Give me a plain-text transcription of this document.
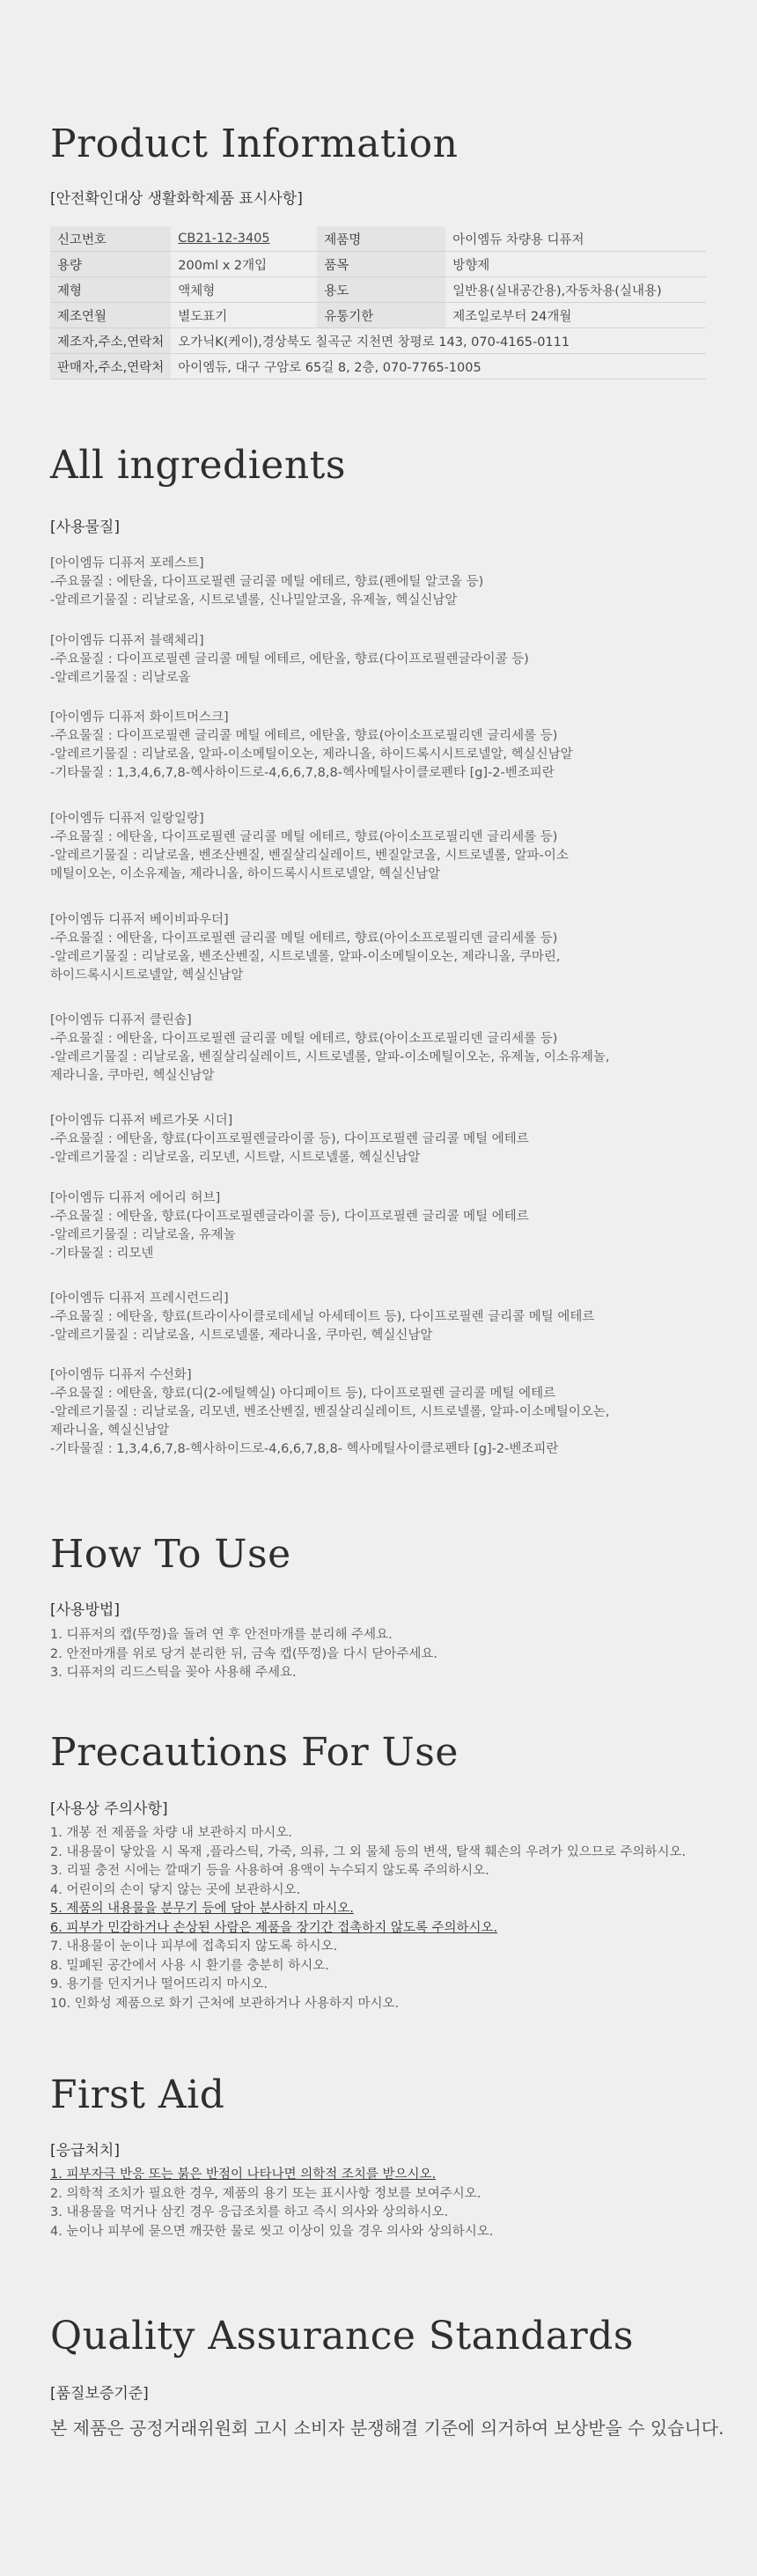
Product Information

[안전확인대상 생활화학제품 표시사항]

신고번호	CB21-12-3405	제품명	아이엠듀 차량용 디퓨저
용량	200ml x 2개입	품목	방향제
제형	액체형	용도	일반용(실내공간용),자동차용(실내용)
제조연월	별도표기	유통기한	제조일로부터 24개월
제조자,주소,연락처	오가닉K(케이),경상북도 칠곡군 지천면 창평로 143, 070-4165-0111		
판매자,주소,연락처	아이엠듀, 대구 구암로 65길 8, 2층, 070-7765-1005		
All ingredients

[사용물질]

[아이엠듀 디퓨저 포레스트]
-주요물질 : 에탄올, 다이프로필렌 글리콜 메틸 에테르, 향료(펜에틸 알코올 등)
-알레르기물질 : 리날로올, 시트로넬롤, 신나밀알코올, 유제놀, 헥실신남알
[아이엠듀 디퓨저 블랙체리]
-주요물질 : 다이프로필렌 글리콜 메틸 에테르, 에탄올, 향료(다이프로필렌글라이콜 등)
-알레르기물질 : 리날로올
[아이엠듀 디퓨저 화이트머스크]
-주요물질 : 다이프로필렌 글리콜 메틸 에테르, 에탄올, 향료(아이소프로필리덴 글리세롤 등)
-알레르기물질 : 리날로올, 알파-이소메틸이오논, 제라니올, 하이드록시시트로넬알, 헥실신남알
-기타물질 : 1,3,4,6,7,8-헥사하이드로-4,6,6,7,8,8-헥사메틸사이클로펜타 [g]-2-벤조피란
[아이엠듀 디퓨저 일랑일랑]
-주요물질 : 에탄올, 다이프로필렌 글리콜 메틸 에테르, 향료(아이소프로필리덴 글리세롤 등)
-알레르기물질 : 리날로올, 벤조산벤질, 벤질살리실레이트, 벤질알코올, 시트로넬롤, 알파-이소
메틸이오논, 이소유제놀, 제라니올, 하이드록시시트로넬알, 헥실신남알
[아이엠듀 디퓨저 베이비파우더]
-주요물질 : 에탄올, 다이프로필렌 글리콜 메틸 에테르, 향료(아이소프로필리덴 글리세롤 등)
-알레르기물질 : 리날로올, 벤조산벤질, 시트로넬롤, 알파-이소메틸이오논, 제라니올, 쿠마린,
하이드록시시트로넬알, 헥실신남알
[아이엠듀 디퓨저 클린솝]
-주요물질 : 에탄올, 다이프로필렌 글리콜 메틸 에테르, 향료(아이소프로필리덴 글리세롤 등)
-알레르기물질 : 리날로올, 벤질살리실레이트, 시트로넬롤, 알파-이소메틸이오논, 유제놀, 이소유제놀,
제라니올, 쿠마린, 헥실신남알
[아이엠듀 디퓨저 베르가못 시더]
-주요물질 : 에탄올, 향료(다이프로필렌글라이콜 등), 다이프로필렌 글리콜 메틸 에테르
-알레르기물질 : 리날로올, 리모넨, 시트랄, 시트로넬롤, 헥실신남알
[아이엠듀 디퓨저 에어리 허브]
-주요물질 : 에탄올, 향료(다이프로필렌글라이콜 등), 다이프로필렌 글리콜 메틸 에테르
-알레르기물질 : 리날로올, 유제놀
-기타물질 : 리모넨
[아이엠듀 디퓨저 프레시런드리]
-주요물질 : 에탄올, 향료(트라이사이클로데세닐 아세테이트 등), 다이프로필렌 글리콜 메틸 에테르
-알레르기물질 : 리날로올, 시트로넬롤, 제라니올, 쿠마린, 헥실신남알
[아이엠듀 디퓨저 수선화]
-주요물질 : 에탄올, 향료(디(2-에틸헥실) 아디페이트 등), 다이프로필렌 글리콜 메틸 에테르
-알레르기물질 : 리날로올, 리모넨, 벤조산벤질, 벤질살리실레이트, 시트로넬롤, 알파-이소메틸이오논,
제라니올, 헥실신남알
-기타물질 : 1,3,4,6,7,8-헥사하이드로-4,6,6,7,8,8- 헥사메틸사이클로펜타 [g]-2-벤조피란
How To Use

[사용방법]

1. 디퓨저의 캡(뚜껑)을 돌려 연 후 안전마개를 분리해 주세요.
2. 안전마개를 위로 당겨 분리한 뒤, 금속 캡(뚜껑)을 다시 닫아주세요.
3. 디퓨저의 리드스틱을 꽂아 사용해 주세요.
Precautions For Use

[사용상 주의사항]

1. 개봉 전 제품을 차량 내 보관하지 마시오.
2. 내용물이 닿았을 시 목재 ,플라스틱, 가죽, 의류, 그 외 물체 등의 변색, 탈색 훼손의 우려가 있으므로 주의하시오.
3. 리필 충전 시에는 깔때기 등을 사용하여 용액이 누수되지 않도록 주의하시오.
4. 어린이의 손이 닿지 않는 곳에 보관하시오.
5. 제품의 내용물을 분무기 등에 담아 분사하지 마시오.
6. 피부가 민감하거나 손상된 사람은 제품을 장기간 접촉하지 않도록 주의하시오.
7. 내용물이 눈이나 피부에 접촉되지 않도록 하시오.
8. 밀폐된 공간에서 사용 시 환기를 충분히 하시오.
9. 용기를 던지거나 떨어뜨리지 마시오.
10. 인화성 제품으로 화기 근처에 보관하거나 사용하지 마시오.
First Aid

[응급처치]

1. 피부자극 반응 또는 붉은 반점이 나타나면 의학적 조치를 받으시오.
2. 의학적 조치가 필요한 경우, 제품의 용기 또는 표시사항 정보를 보여주시오.
3. 내용물을 먹거나 삼킨 경우 응급조치를 하고 즉시 의사와 상의하시오.
4. 눈이나 피부에 묻으면 깨끗한 물로 씻고 이상이 있을 경우 의사와 상의하시오.
Quality Assurance Standards

[품질보증기준]

본 제품은 공정거래위원회 고시 소비자 분쟁해결 기준에 의거하여 보상받을 수 있습니다.
